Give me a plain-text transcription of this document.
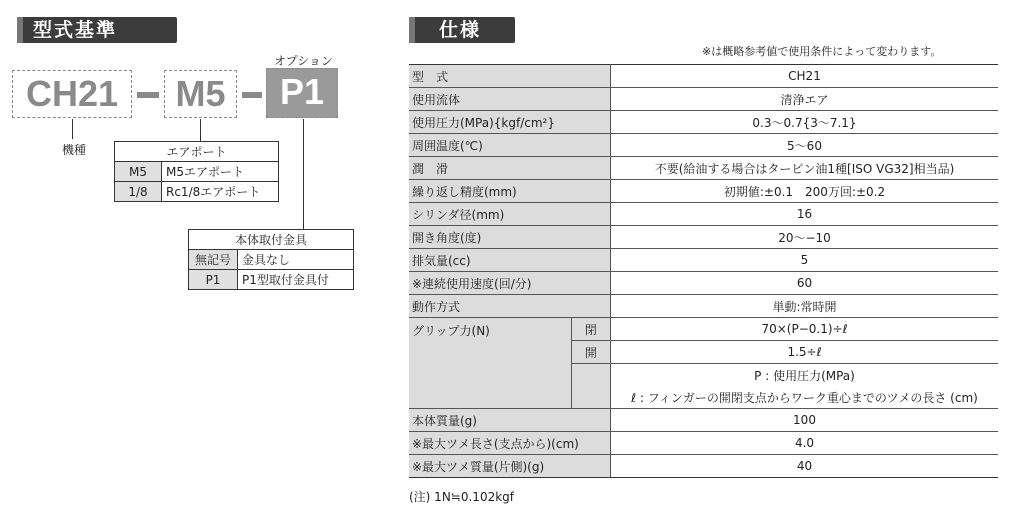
型式基準
オプション
CH21	M5	P1
機種	エアポート	
M5	M5エアポート
1/8	Rc1/8エアポート
本体取付金具	
無記号	金具なし
P1	P1型取付金具付
仕様
※は概略参考値で使用条件によって変わります。
型　式		CH21
使用流体		清浄エア
使用圧力(MPa){kgf/cm²}		0.3〜0.7{3〜7.1}
周囲温度(℃)		5〜60
潤　滑		不要(給油する場合はタービン油1種[ISO VG32]相当品)
繰り返し精度(mm)		初期値:±0.1　200万回:±0.2
シリンダ径(mm)		16
開き角度(度)		20〜−10
排気量(cc)		5
※連続使用速度(回/分)		60
動作方式		単動:常時開
グリップ力(N)	閉	70×(P−0.1)÷ℓ
	開	1.5÷ℓ
		P : 使用圧力(MPa)
		ℓ : フィンガーの開閉支点からワーク重心までのツメの長さ (cm)
本体質量(g)		100
※最大ツメ長さ(支点から)(cm)		4.0
※最大ツメ質量(片側)(g)		40
(注) 1N≒0.102kgf
